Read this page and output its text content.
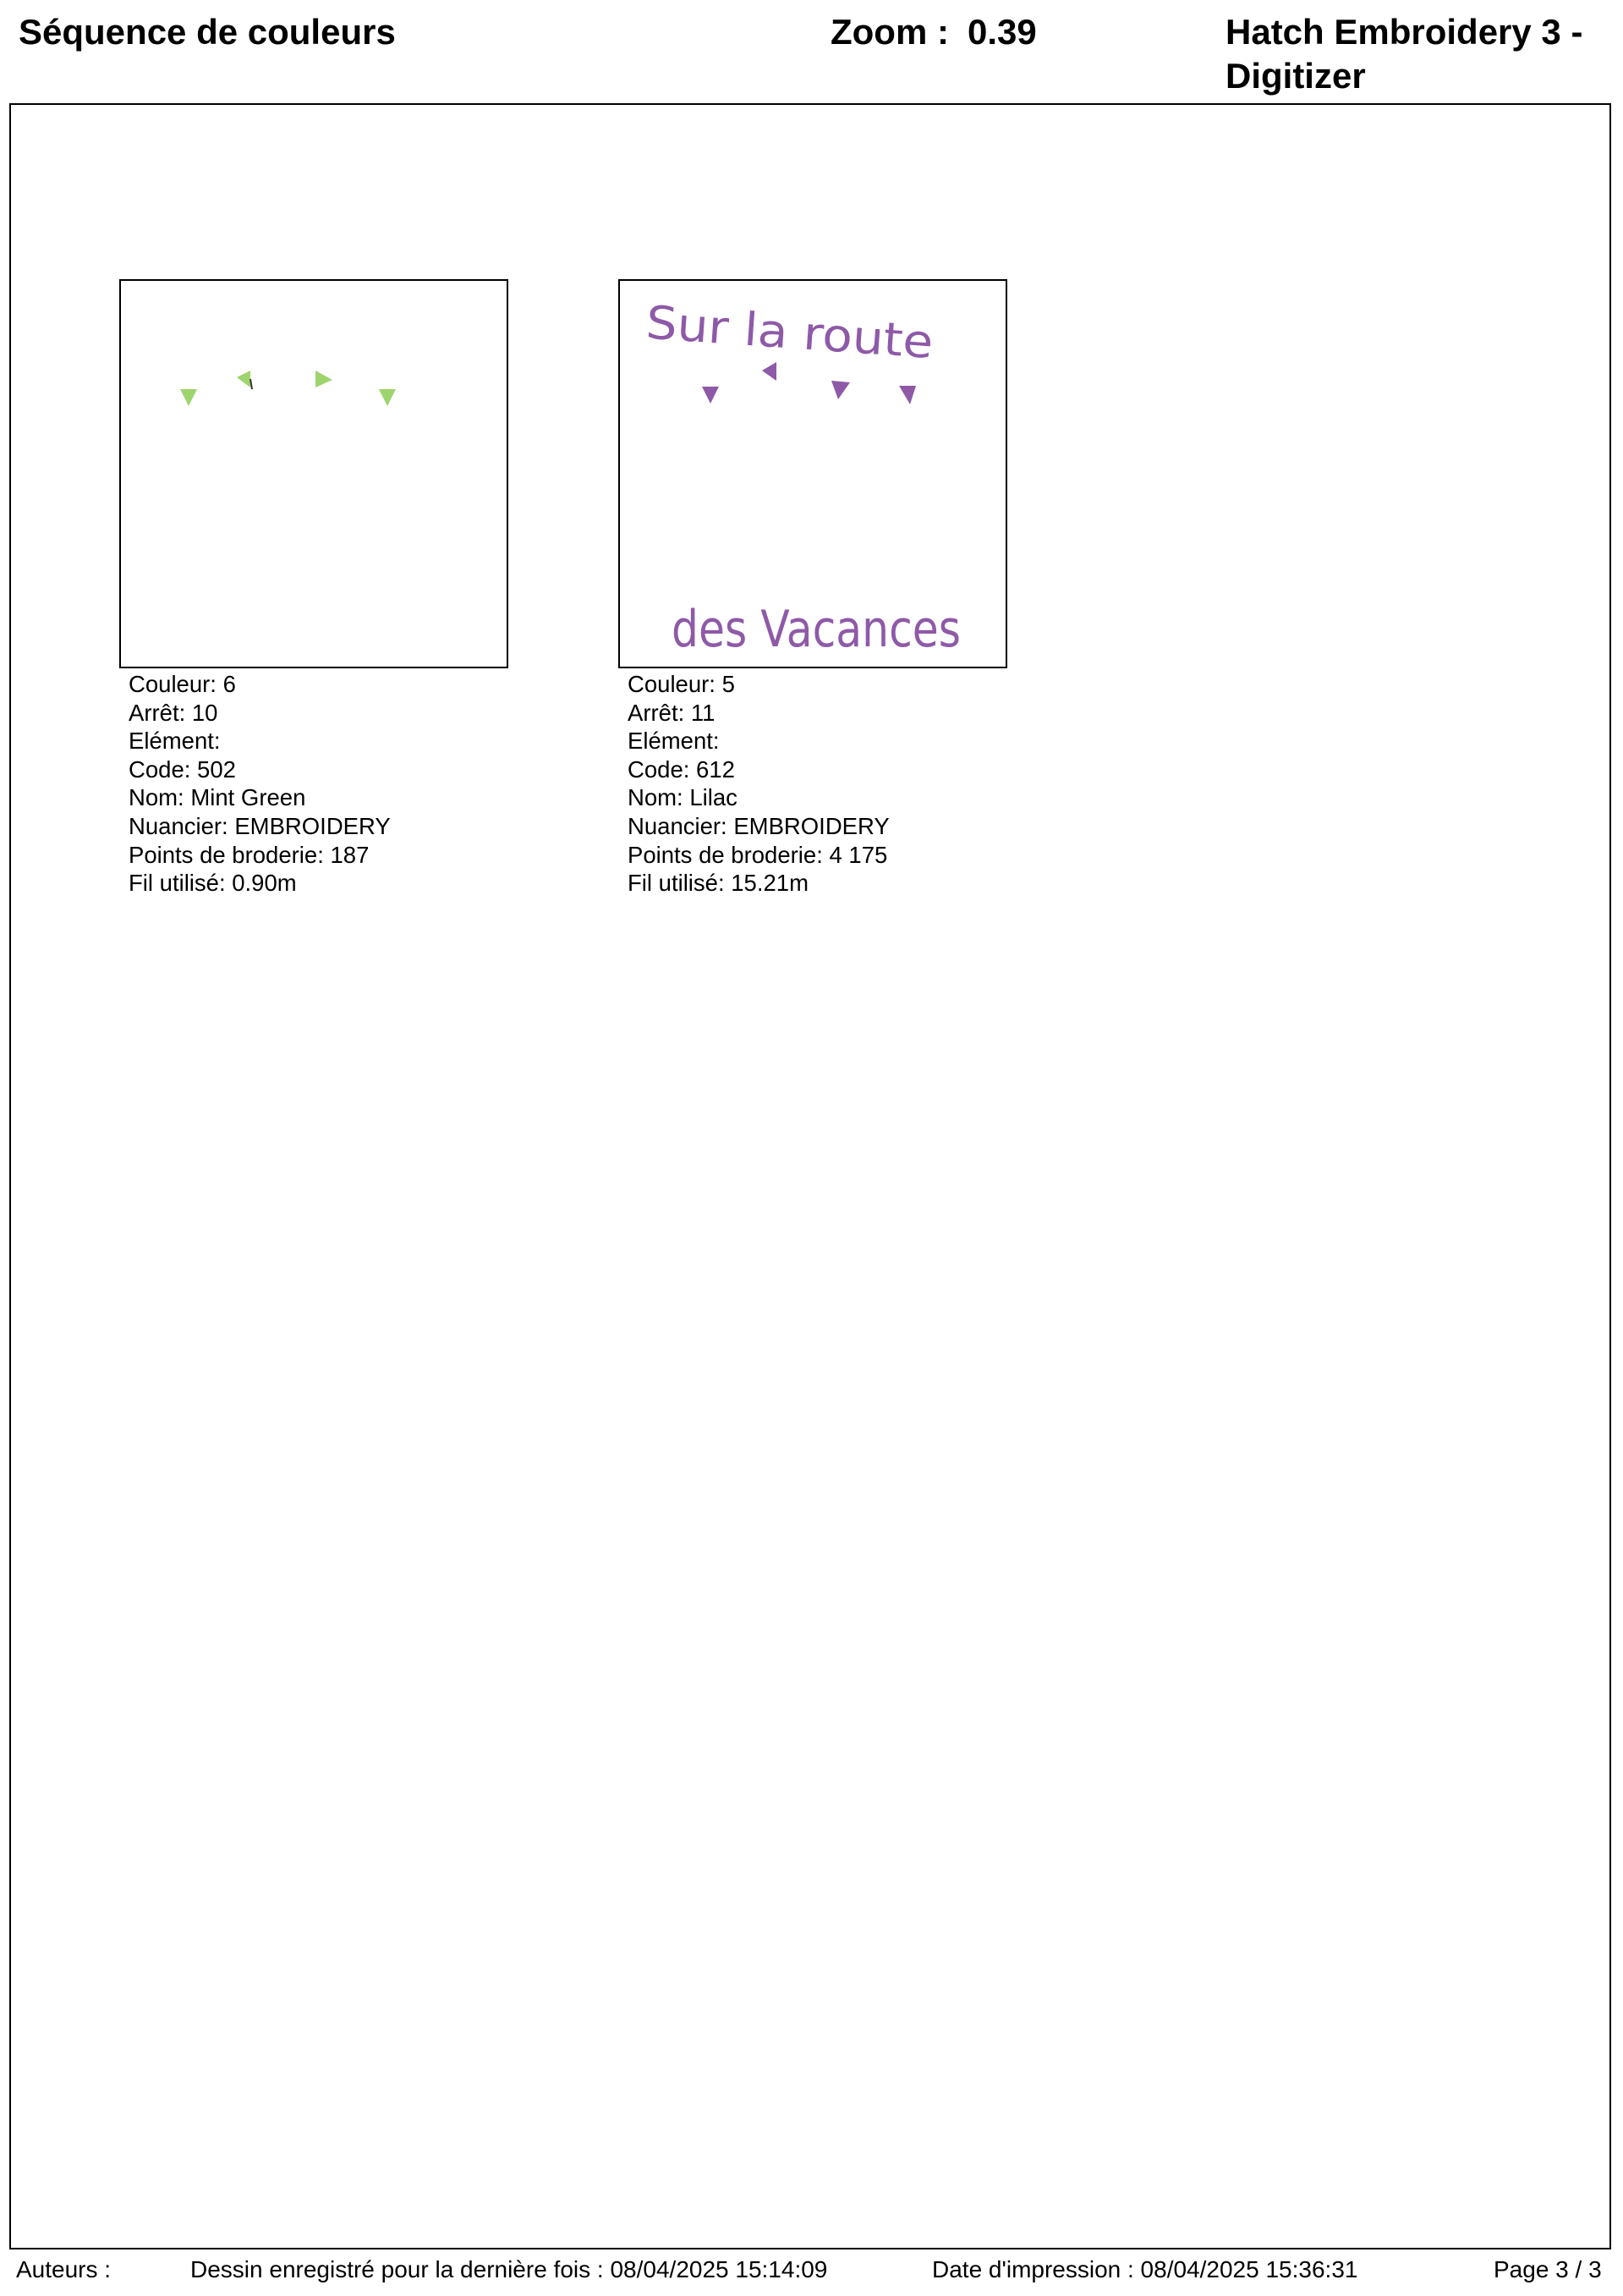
Séquence de couleurs	Zoom : 0.39	Hatch Embroidery 3 - Digitizer
Couleur: 6
Arrêt: 10
Elément:
Code: 502
Nom: Mint Green
Nuancier: EMBROIDERY
Points de broderie: 187
Fil utilisé: 0.90m
Sur la route
des Vacances
Couleur: 5
Arrêt: 11
Elément:
Code: 612
Nom: Lilac
Nuancier: EMBROIDERY
Points de broderie: 4 175
Fil utilisé: 15.21m
Auteurs :	Dessin enregistré pour la dernière fois : 08/04/2025 15:14:09	Date d'impression : 08/04/2025 15:36:31	Page 3 / 3
